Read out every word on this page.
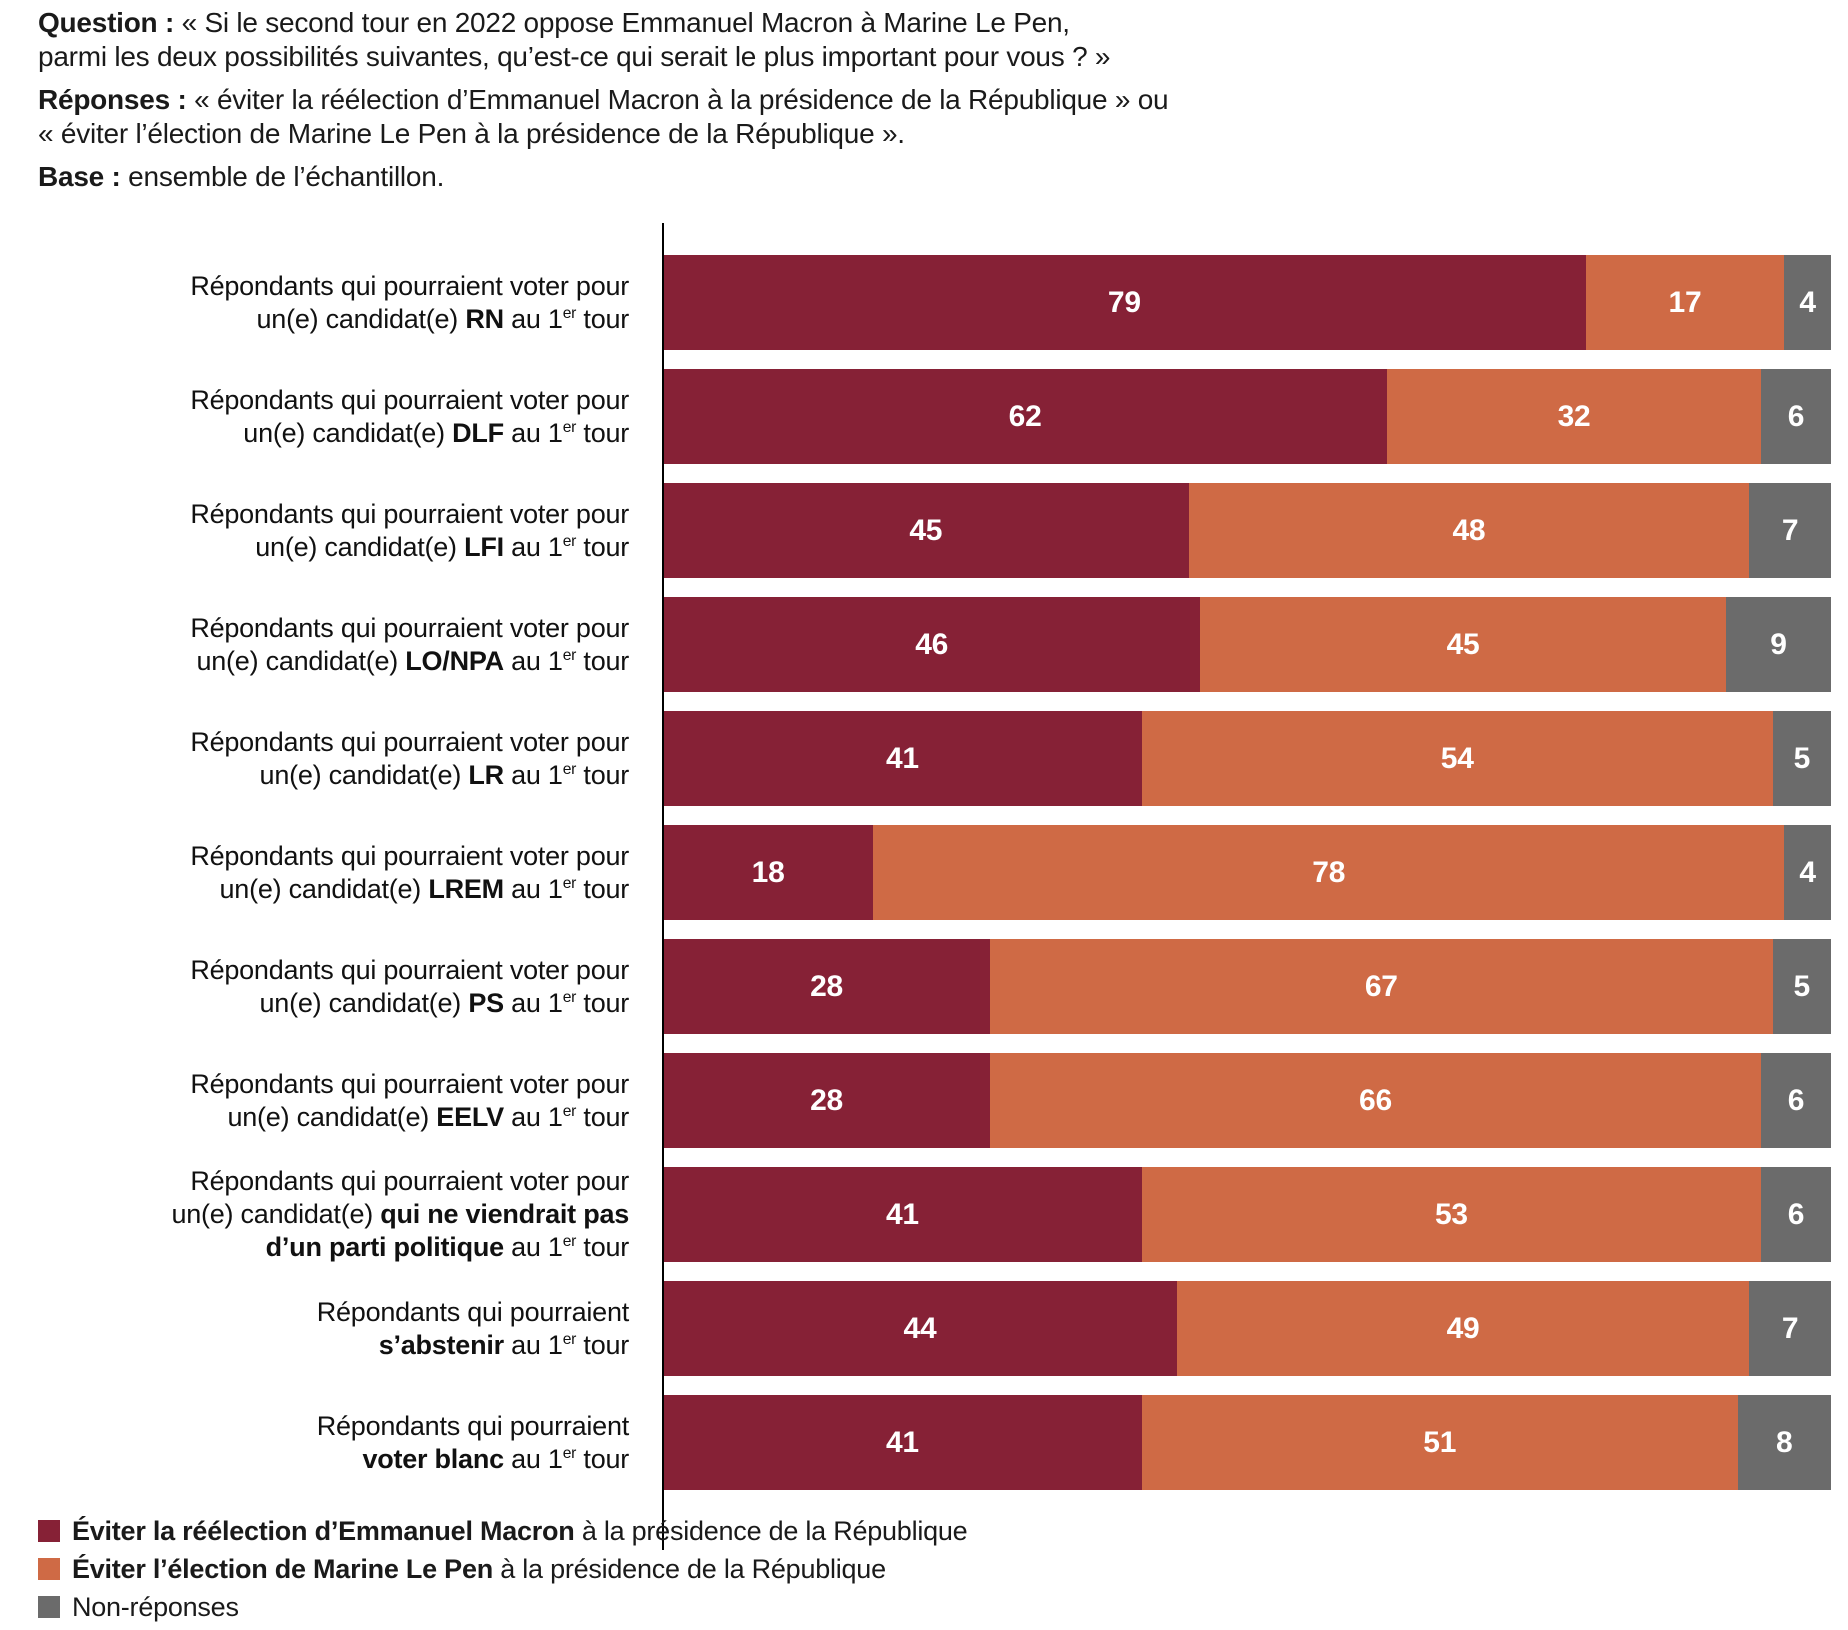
Question : « Si le second tour en 2022 oppose Emmanuel Macron à Marine Le Pen,
parmi les deux possibilités suivantes, qu’est-ce qui serait le plus important pour vous ? »

Réponses : « éviter la réélection d’Emmanuel Macron à la présidence de la République » ou
« éviter l’élection de Marine Le Pen à la présidence de la République ».

Base : ensemble de l’échantillon.

Répondants qui pourraient voter pour
un(e) candidat(e) RN au 1er tour	79	17	4
Répondants qui pourraient voter pour
un(e) candidat(e) DLF au 1er tour	62	32	6
Répondants qui pourraient voter pour
un(e) candidat(e) LFI au 1er tour	45	48	7
Répondants qui pourraient voter pour
un(e) candidat(e) LO/NPA au 1er tour	46	45	9
Répondants qui pourraient voter pour
un(e) candidat(e) LR au 1er tour	41	54	5
Répondants qui pourraient voter pour
un(e) candidat(e) LREM au 1er tour	18	78	4
Répondants qui pourraient voter pour
un(e) candidat(e) PS au 1er tour	28	67	5
Répondants qui pourraient voter pour
un(e) candidat(e) EELV au 1er tour	28	66	6
Répondants qui pourraient voter pour
un(e) candidat(e) qui ne viendrait pas
d’un parti politique au 1er tour
41	53	6
Répondants qui pourraient
s’abstenir au 1er tour	44	49	7
Répondants qui pourraient
voter blanc au 1er tour	41	51	8
Éviter la réélection d’Emmanuel Macron à la présidence de la République
Éviter l’élection de Marine Le Pen à la présidence de la République
Non-réponses
